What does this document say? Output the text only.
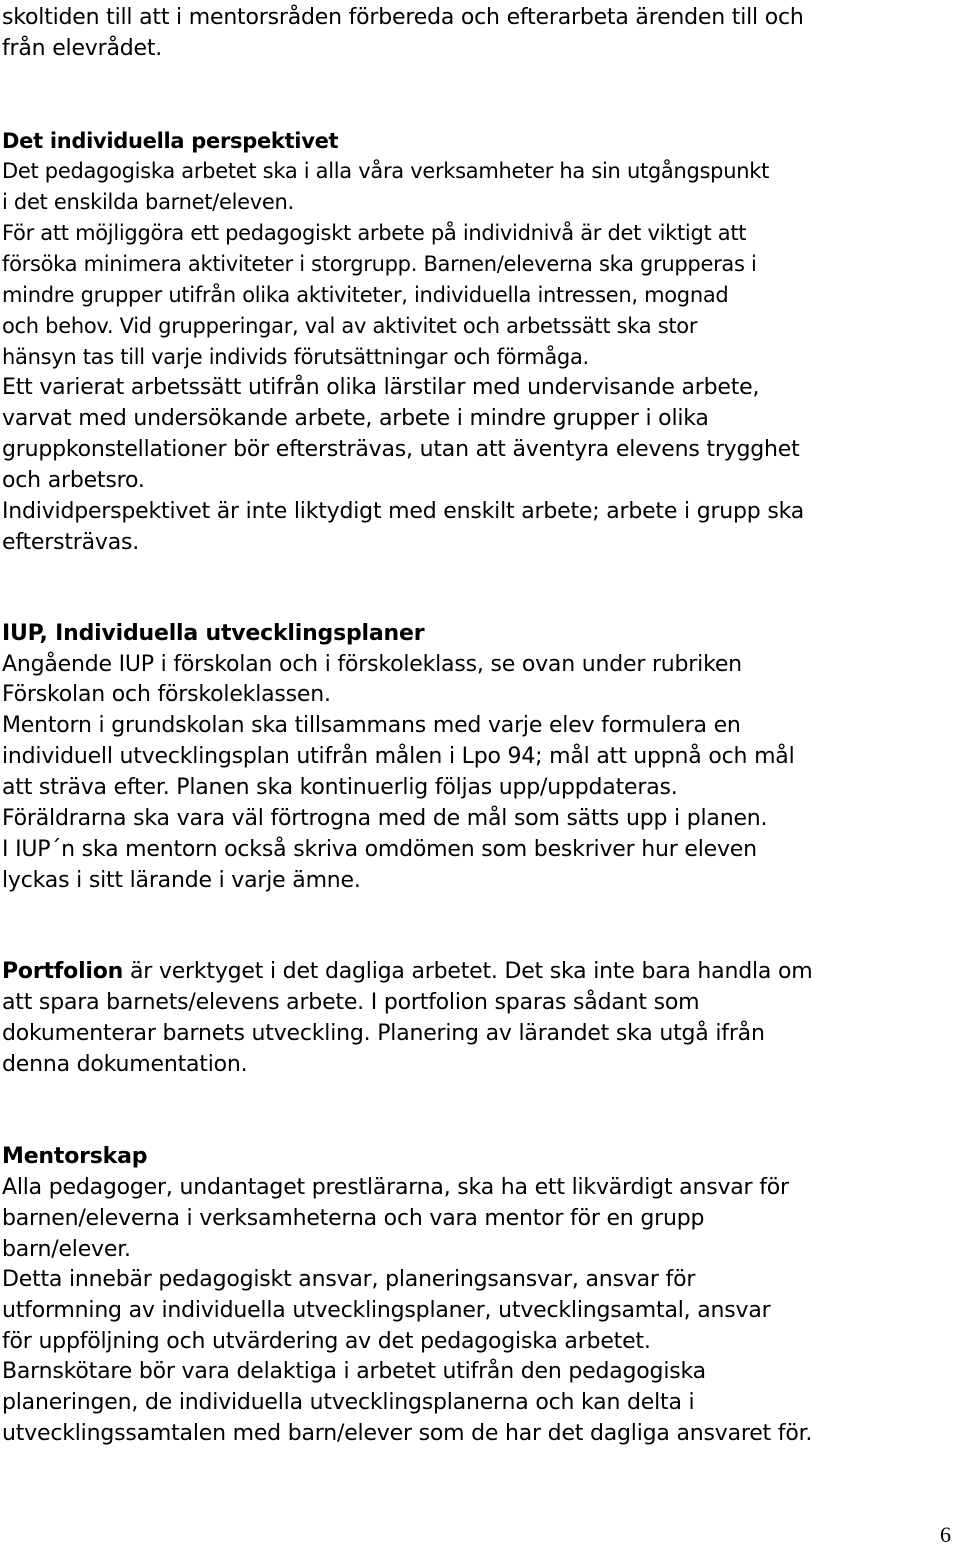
skoltiden till att i mentorsråden förbereda och efterarbeta ärenden till och
från elevrådet.
Det individuella perspektivet
Det pedagogiska arbetet ska i alla våra verksamheter ha sin utgångspunkt
i det enskilda barnet/eleven.
För att möjliggöra ett pedagogiskt arbete på individnivå är det viktigt att
försöka minimera aktiviteter i storgrupp. Barnen/eleverna ska grupperas i
mindre grupper utifrån olika aktiviteter, individuella intressen, mognad
och behov. Vid grupperingar, val av aktivitet och arbetssätt ska stor
hänsyn tas till varje individs förutsättningar och förmåga.
Ett varierat arbetssätt utifrån olika lärstilar med undervisande arbete,
varvat med undersökande arbete, arbete i mindre grupper i olika
gruppkonstellationer bör eftersträvas, utan att äventyra elevens trygghet
och arbetsro.
Individperspektivet är inte liktydigt med enskilt arbete; arbete i grupp ska
eftersträvas.
IUP, Individuella utvecklingsplaner
Angående IUP i förskolan och i förskoleklass, se ovan under rubriken
Förskolan och förskoleklassen.
Mentorn i grundskolan ska tillsammans med varje elev formulera en
individuell utvecklingsplan utifrån målen i Lpo 94; mål att uppnå och mål
att sträva efter. Planen ska kontinuerlig följas upp/uppdateras.
Föräldrarna ska vara väl förtrogna med de mål som sätts upp i planen.
I IUP´n ska mentorn också skriva omdömen som beskriver hur eleven
lyckas i sitt lärande i varje ämne.
Portfolion är verktyget i det dagliga arbetet. Det ska inte bara handla om
att spara barnets/elevens arbete. I portfolion sparas sådant som
dokumenterar barnets utveckling. Planering av lärandet ska utgå ifrån
denna dokumentation.
Mentorskap
Alla pedagoger, undantaget prestlärarna, ska ha ett likvärdigt ansvar för
barnen/eleverna i verksamheterna och vara mentor för en grupp
barn/elever.
Detta innebär pedagogiskt ansvar, planeringsansvar, ansvar för
utformning av individuella utvecklingsplaner, utvecklingsamtal, ansvar
för uppföljning och utvärdering av det pedagogiska arbetet.
Barnskötare bör vara delaktiga i arbetet utifrån den pedagogiska
planeringen, de individuella utvecklingsplanerna och kan delta i
utvecklingssamtalen med barn/elever som de har det dagliga ansvaret för.
6
